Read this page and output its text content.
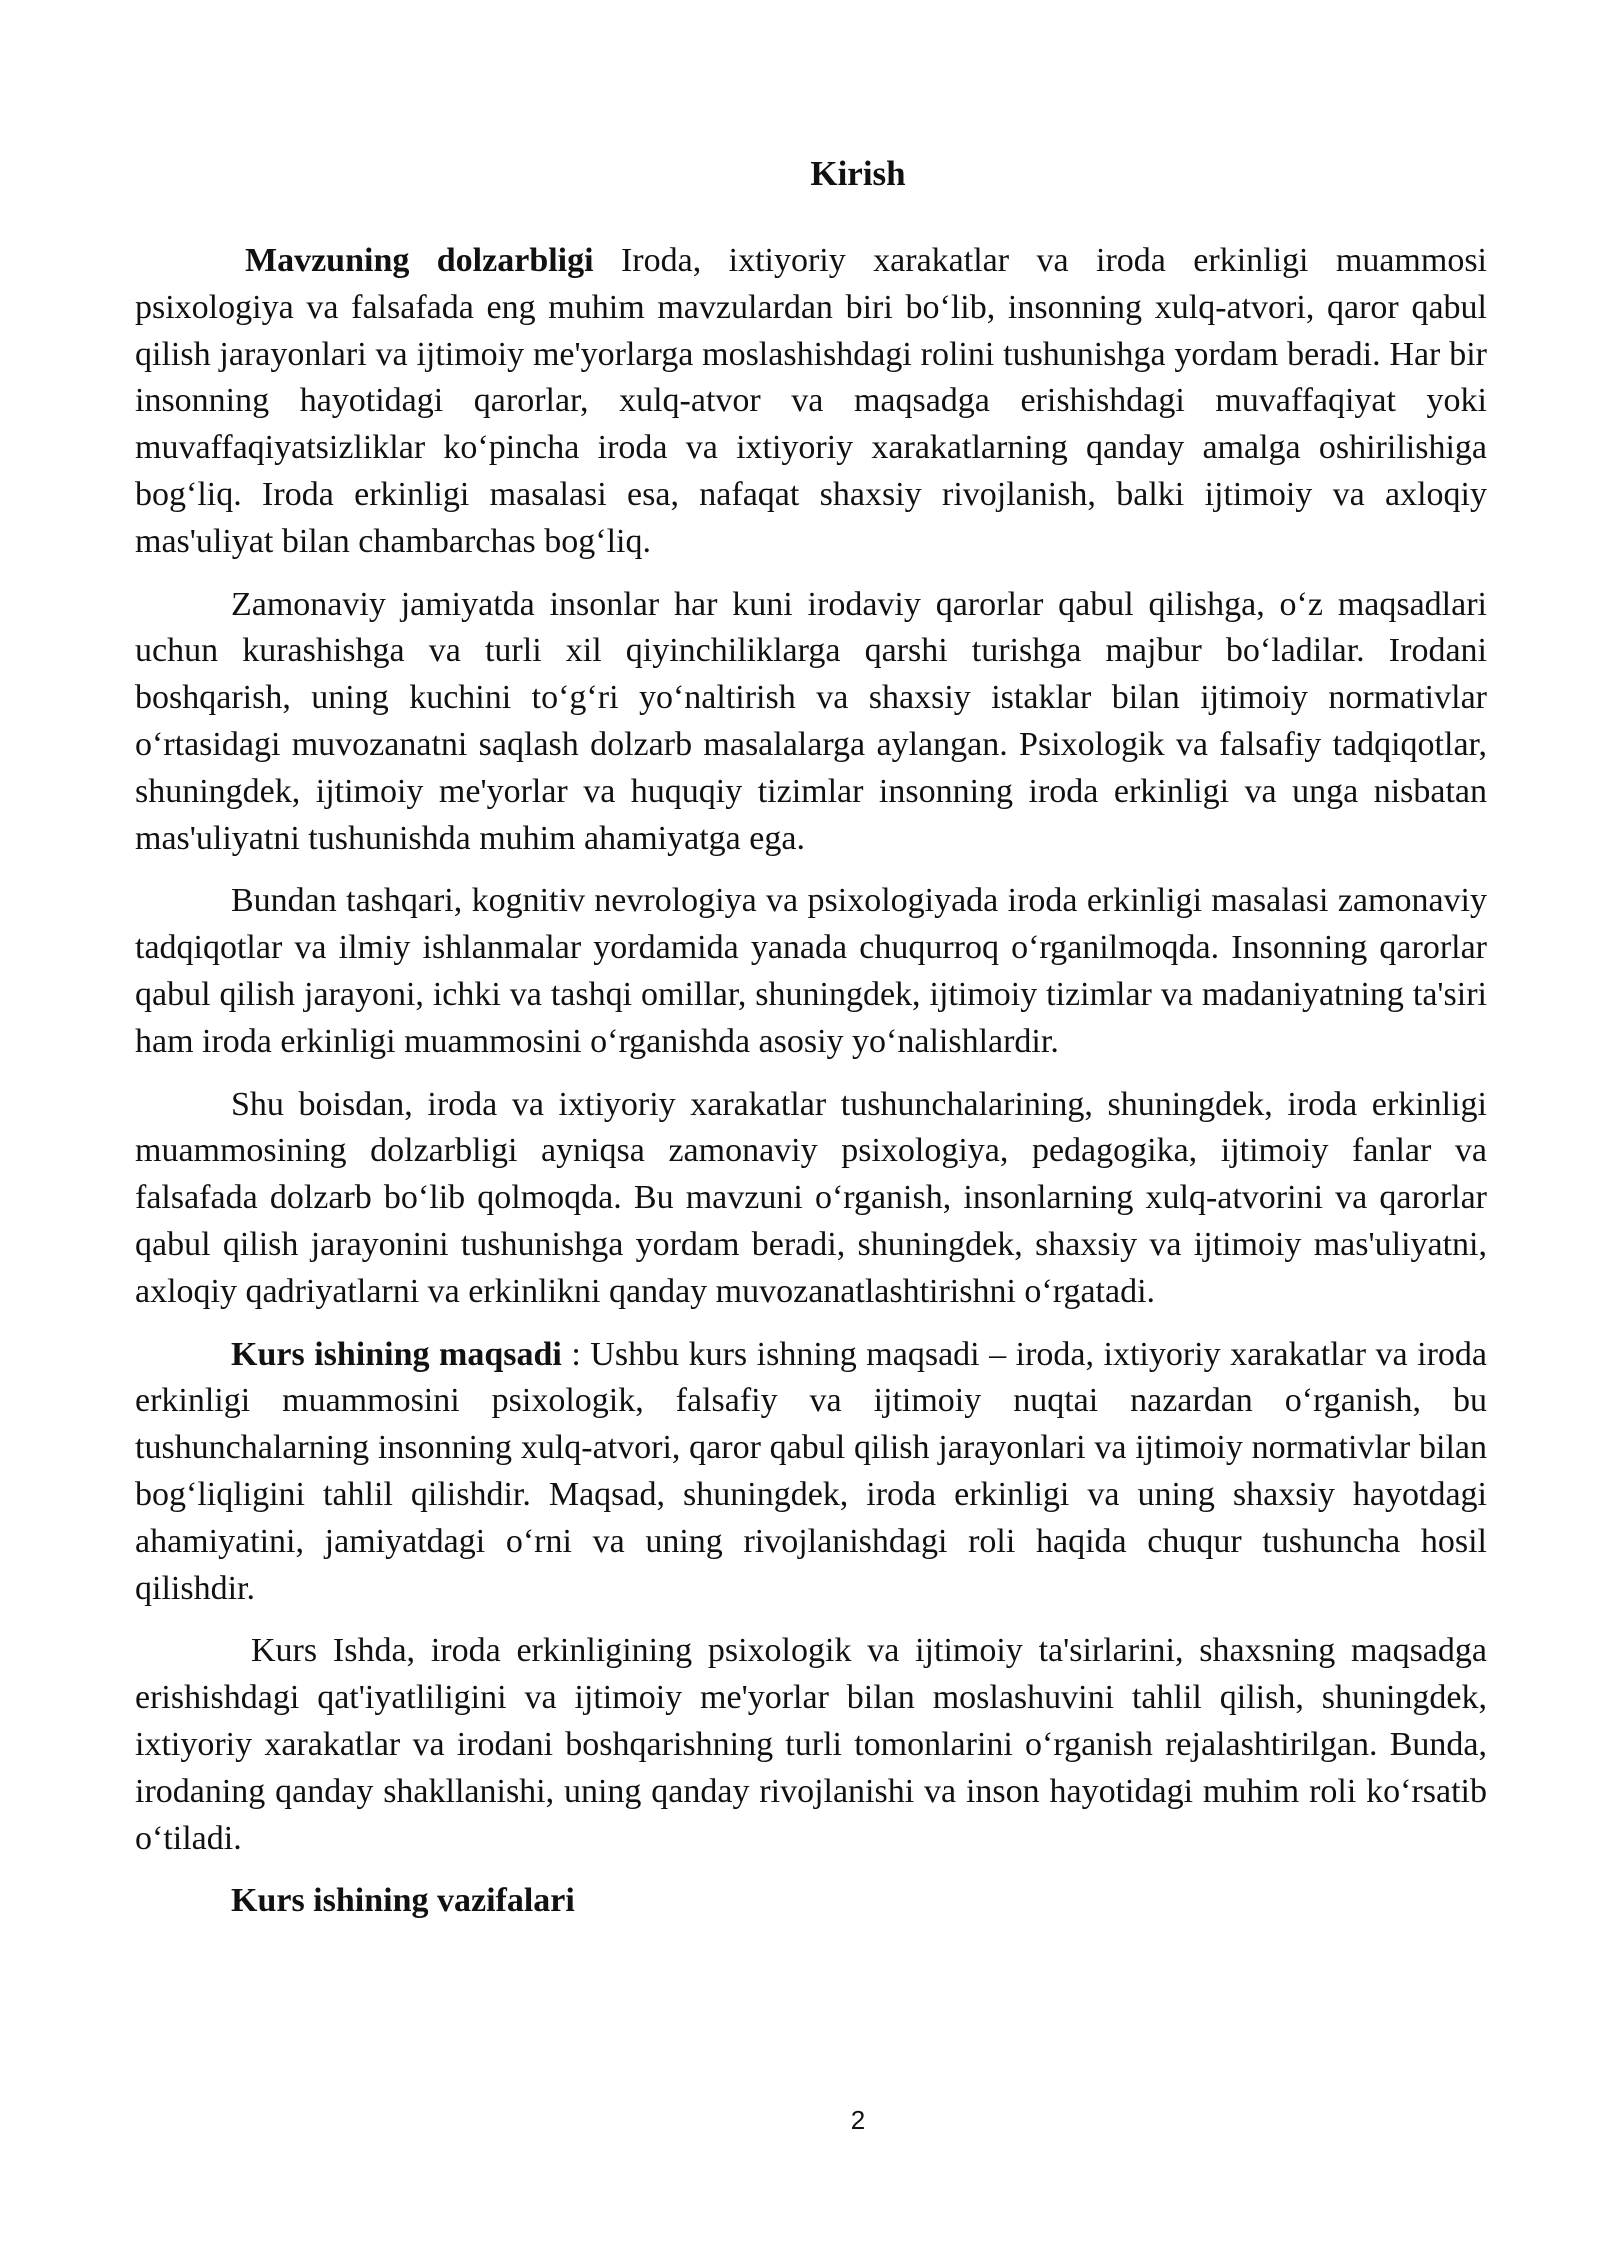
Kirish

Mavzuning dolzarbligi Iroda, ixtiyoriy xarakatlar va iroda erkinligi muammosi psixologiya va falsafada eng muhim mavzulardan biri bo‘lib, insonning xulq-atvori, qaror qabul qilish jarayonlari va ijtimoiy me'yorlarga moslashishdagi rolini tushunishga yordam beradi. Har bir insonning hayotidagi qarorlar, xulq-atvor va maqsadga erishishdagi muvaffaqiyat yoki muvaffaqiyatsizliklar ko‘pincha iroda va ixtiyoriy xarakatlarning qanday amalga oshirilishiga bog‘liq. Iroda erkinligi masalasi esa, nafaqat shaxsiy rivojlanish, balki ijtimoiy va axloqiy mas'uliyat bilan chambarchas bog‘liq.

Zamonaviy jamiyatda insonlar har kuni irodaviy qarorlar qabul qilishga, o‘z maqsadlari uchun kurashishga va turli xil qiyinchiliklarga qarshi turishga majbur bo‘ladilar. Irodani boshqarish, uning kuchini to‘g‘ri yo‘naltirish va shaxsiy istaklar bilan ijtimoiy normativlar o‘rtasidagi muvozanatni saqlash dolzarb masalalarga aylangan. Psixologik va falsafiy tadqiqotlar, shuningdek, ijtimoiy me'yorlar va huquqiy tizimlar insonning iroda erkinligi va unga nisbatan mas'uliyatni tushunishda muhim ahamiyatga ega.

Bundan tashqari, kognitiv nevrologiya va psixologiyada iroda erkinligi masalasi zamonaviy tadqiqotlar va ilmiy ishlanmalar yordamida yanada chuqurroq o‘rganilmoqda. Insonning qarorlar qabul qilish jarayoni, ichki va tashqi omillar, shuningdek, ijtimoiy tizimlar va madaniyatning ta'siri ham iroda erkinligi muammosini o‘rganishda asosiy yo‘nalishlardir.

Shu boisdan, iroda va ixtiyoriy xarakatlar tushunchalarining, shuningdek, iroda erkinligi muammosining dolzarbligi ayniqsa zamonaviy psixologiya, pedagogika, ijtimoiy fanlar va falsafada dolzarb bo‘lib qolmoqda. Bu mavzuni o‘rganish, insonlarning xulq-atvorini va qarorlar qabul qilish jarayonini tushunishga yordam beradi, shuningdek, shaxsiy va ijtimoiy mas'uliyatni, axloqiy qadriyatlarni va erkinlikni qanday muvozanatlashtirishni o‘rgatadi.

Kurs ishining maqsadi : Ushbu kurs ishning maqsadi – iroda, ixtiyoriy xarakatlar va iroda erkinligi muammosini psixologik, falsafiy va ijtimoiy nuqtai nazardan o‘rganish, bu tushunchalarning insonning xulq-atvori, qaror qabul qilish jarayonlari va ijtimoiy normativlar bilan bog‘liqligini tahlil qilishdir. Maqsad, shuningdek, iroda erkinligi va uning shaxsiy hayotdagi ahamiyatini, jamiyatdagi o‘rni va uning rivojlanishdagi roli haqida chuqur tushuncha hosil qilishdir.

Kurs Ishda, iroda erkinligining psixologik va ijtimoiy ta'sirlarini, shaxsning maqsadga erishishdagi qat'iyatliligini va ijtimoiy me'yorlar bilan moslashuvini tahlil qilish, shuningdek, ixtiyoriy xarakatlar va irodani boshqarishning turli tomonlarini o‘rganish rejalashtirilgan. Bunda, irodaning qanday shakllanishi, uning qanday rivojlanishi va inson hayotidagi muhim roli ko‘rsatib o‘tiladi.

Kurs ishining vazifalari

2
